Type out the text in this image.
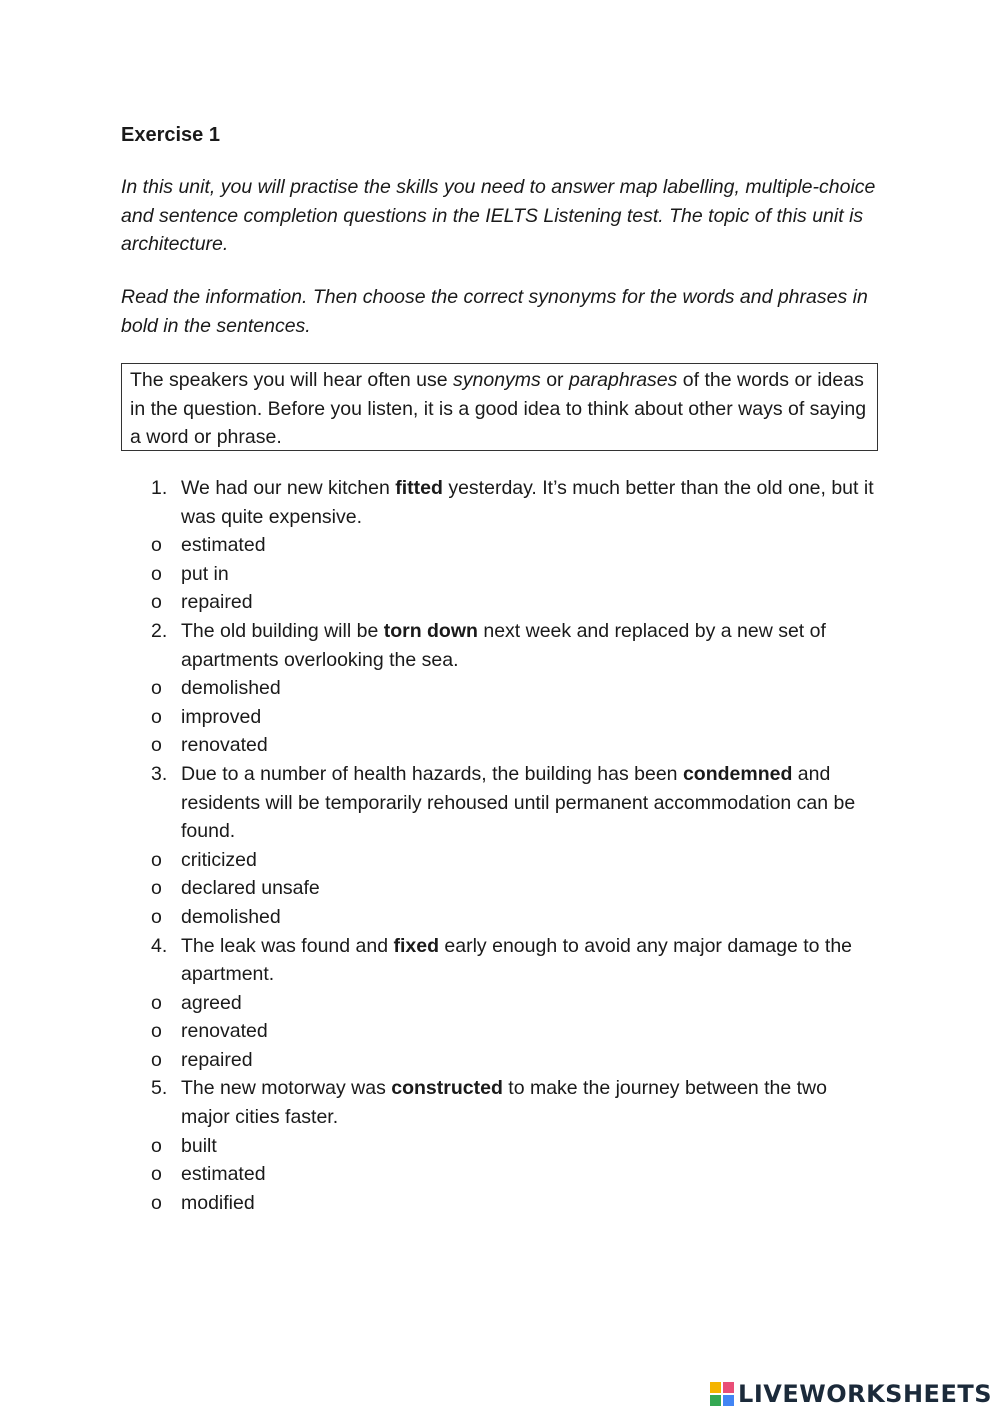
Exercise 1
In this unit, you will practise the skills you need to answer map labelling, multiple-choice and sentence completion questions in the IELTS Listening test. The topic of this unit is architecture.
Read the information. Then choose the correct synonyms for the words and phrases in bold in the sentences.
The speakers you will hear often use synonyms or paraphrases of the words or ideas in the question. Before you listen, it is a good idea to think about other ways of saying a word or phrase.
1. We had our new kitchen fitted yesterday. It’s much better than the old one, but it was quite expensive.
o estimated
o put in
o repaired
2. The old building will be torn down next week and replaced by a new set of apartments overlooking the sea.
o demolished
o improved
o renovated
3. Due to a number of health hazards, the building has been condemned and residents will be temporarily rehoused until permanent accommodation can be found.
o criticized
o declared unsafe
o demolished
4. The leak was found and fixed early enough to avoid any major damage to the apartment.
o agreed
o renovated
o repaired
5. The new motorway was constructed to make the journey between the two major cities faster.
o built
o estimated
o modified
LIVEWORKSHEETS
